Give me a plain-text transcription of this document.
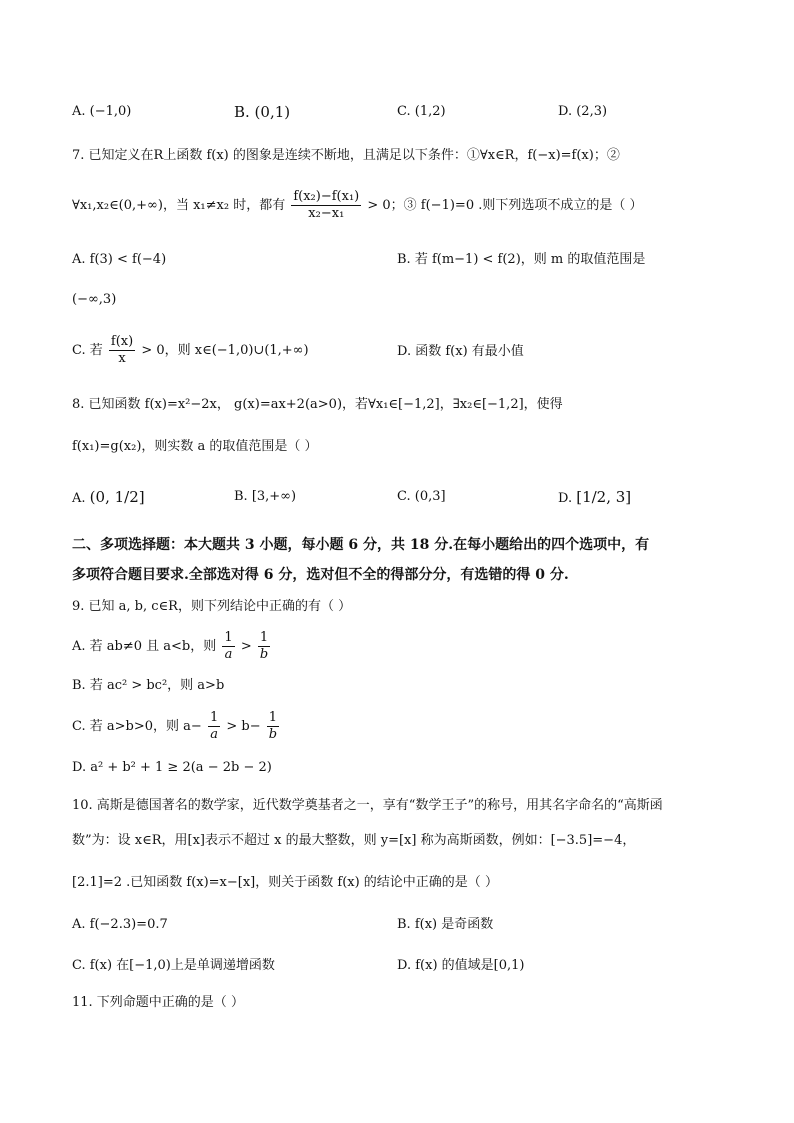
A. (−1,0)	B. (0,1)	C. (1,2)	D. (2,3)
7. 已知定义在R上函数 f(x) 的图象是连续不断地，且满足以下条件：①∀x∈R，f(−x)=f(x)；②
∀x₁,x₂∈(0,+∞)，当 x₁≠x₂ 时，都有 $\frac{\text{f(x₂)−f(x₁)}}{\text{x₂−x₁}} > 0$；③ f(−1)=0 .则下列选项不成立的是（ ）
A. f(3) < f(−4)	B. 若 f(m−1) < f(2)，则 m 的取值范围是
(−∞,3)
C. 若 $\frac{f(x)}{x} > 0$，则 x∈(−1,0)∪(1,+∞)	D. 函数 f(x) 有最小值
8. 已知函数 f(x)=x²−2x， g(x)=ax+2(a>0)，若∀x₁∈[−1,2]，∃x₂∈[−1,2]，使得
f(x₁)=g(x₂)，则实数 a 的取值范围是（ ）
A. (0, 1/2]	B. [3,+∞)	C. (0,3]	D. [1/2, 3]
二、多项选择题：本大题共 3 小题，每小题 6 分，共 18 分.在每小题给出的四个选项中，有
多项符合题目要求.全部选对得 6 分，选对但不全的得部分分，有选错的得 0 分.
9. 已知 a, b, c∈R，则下列结论中正确的有（ ）
A. 若 ab≠0 且 a<b，则 $\frac{1}{a} > \frac{1}{b}$
B. 若 ac² > bc²，则 a>b
C. 若 a>b>0，则 $a- \frac{1}{a} > b- \frac{1}{b}$
D. a² + b² + 1 ≥ 2(a − 2b − 2)
10. 高斯是德国著名的数学家，近代数学奠基者之一，享有“数学王子”的称号，用其名字命名的“高斯函
数”为：设 x∈R，用[x]表示不超过 x 的最大整数，则 y=[x] 称为高斯函数，例如：[−3.5]=−4，
[2.1]=2 .已知函数 f(x)=x−[x]，则关于函数 f(x) 的结论中正确的是（ ）
A. f(−2.3)=0.7	B. f(x) 是奇函数
C. f(x) 在[−1,0)上是单调递增函数	D. f(x) 的值域是[0,1)
11. 下列命题中正确的是（ ）
